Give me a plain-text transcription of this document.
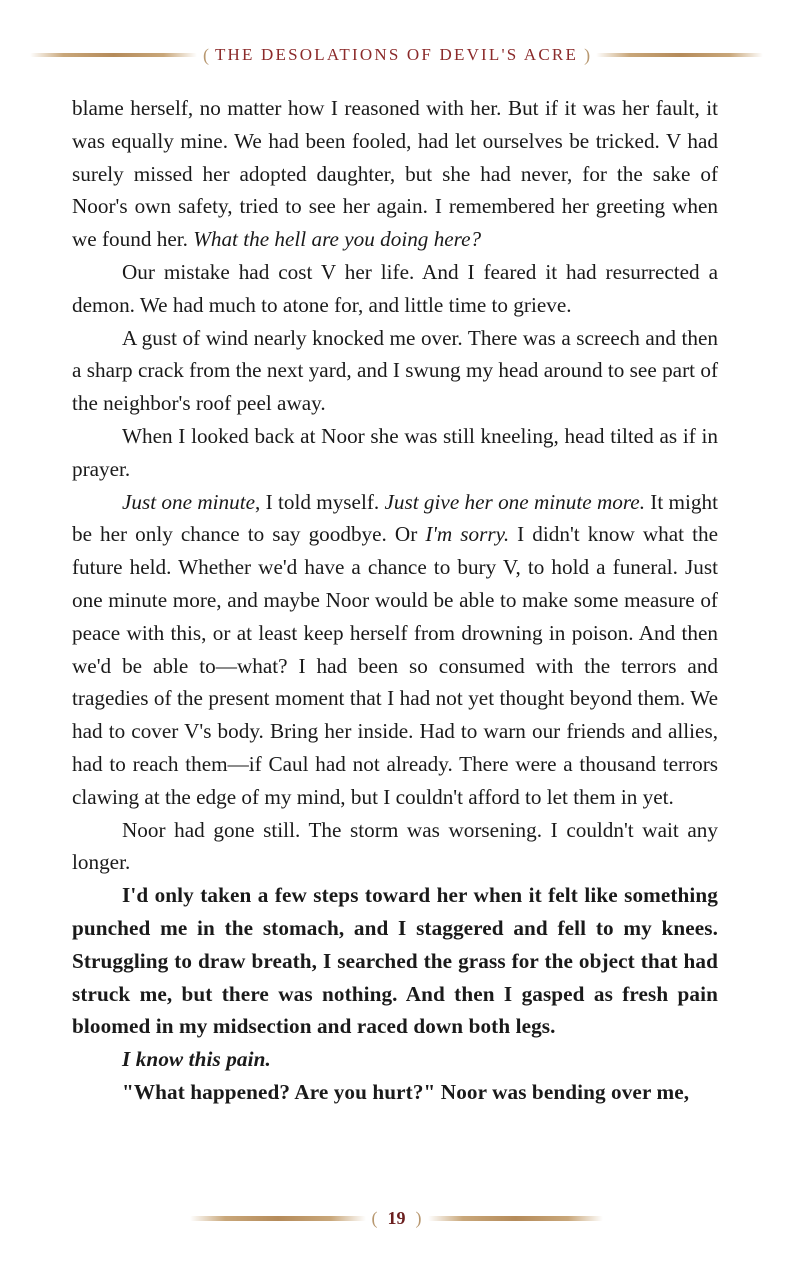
( THE DESOLATIONS OF DEVIL'S ACRE )

blame herself, no matter how I reasoned with her. But if it was her fault, it was equally mine. We had been fooled, had let ourselves be tricked. V had surely missed her adopted daughter, but she had never, for the sake of Noor's own safety, tried to see her again. I remembered her greeting when we found her. What the hell are you doing here?

Our mistake had cost V her life. And I feared it had resurrected a demon. We had much to atone for, and little time to grieve.

A gust of wind nearly knocked me over. There was a screech and then a sharp crack from the next yard, and I swung my head around to see part of the neighbor's roof peel away.

When I looked back at Noor she was still kneeling, head tilted as if in prayer.

Just one minute, I told myself. Just give her one minute more. It might be her only chance to say goodbye. Or I'm sorry. I didn't know what the future held. Whether we'd have a chance to bury V, to hold a funeral. Just one minute more, and maybe Noor would be able to make some measure of peace with this, or at least keep herself from drowning in poison. And then we'd be able to—what? I had been so consumed with the terrors and tragedies of the present moment that I had not yet thought beyond them. We had to cover V's body. Bring her inside. Had to warn our friends and allies, had to reach them—if Caul had not already. There were a thousand terrors clawing at the edge of my mind, but I couldn't afford to let them in yet.

Noor had gone still. The storm was worsening. I couldn't wait any longer.

I'd only taken a few steps toward her when it felt like something punched me in the stomach, and I staggered and fell to my knees. Struggling to draw breath, I searched the grass for the object that had struck me, but there was nothing. And then I gasped as fresh pain bloomed in my midsection and raced down both legs.

I know this pain.

"What happened? Are you hurt?" Noor was bending over me,

( 19 )
